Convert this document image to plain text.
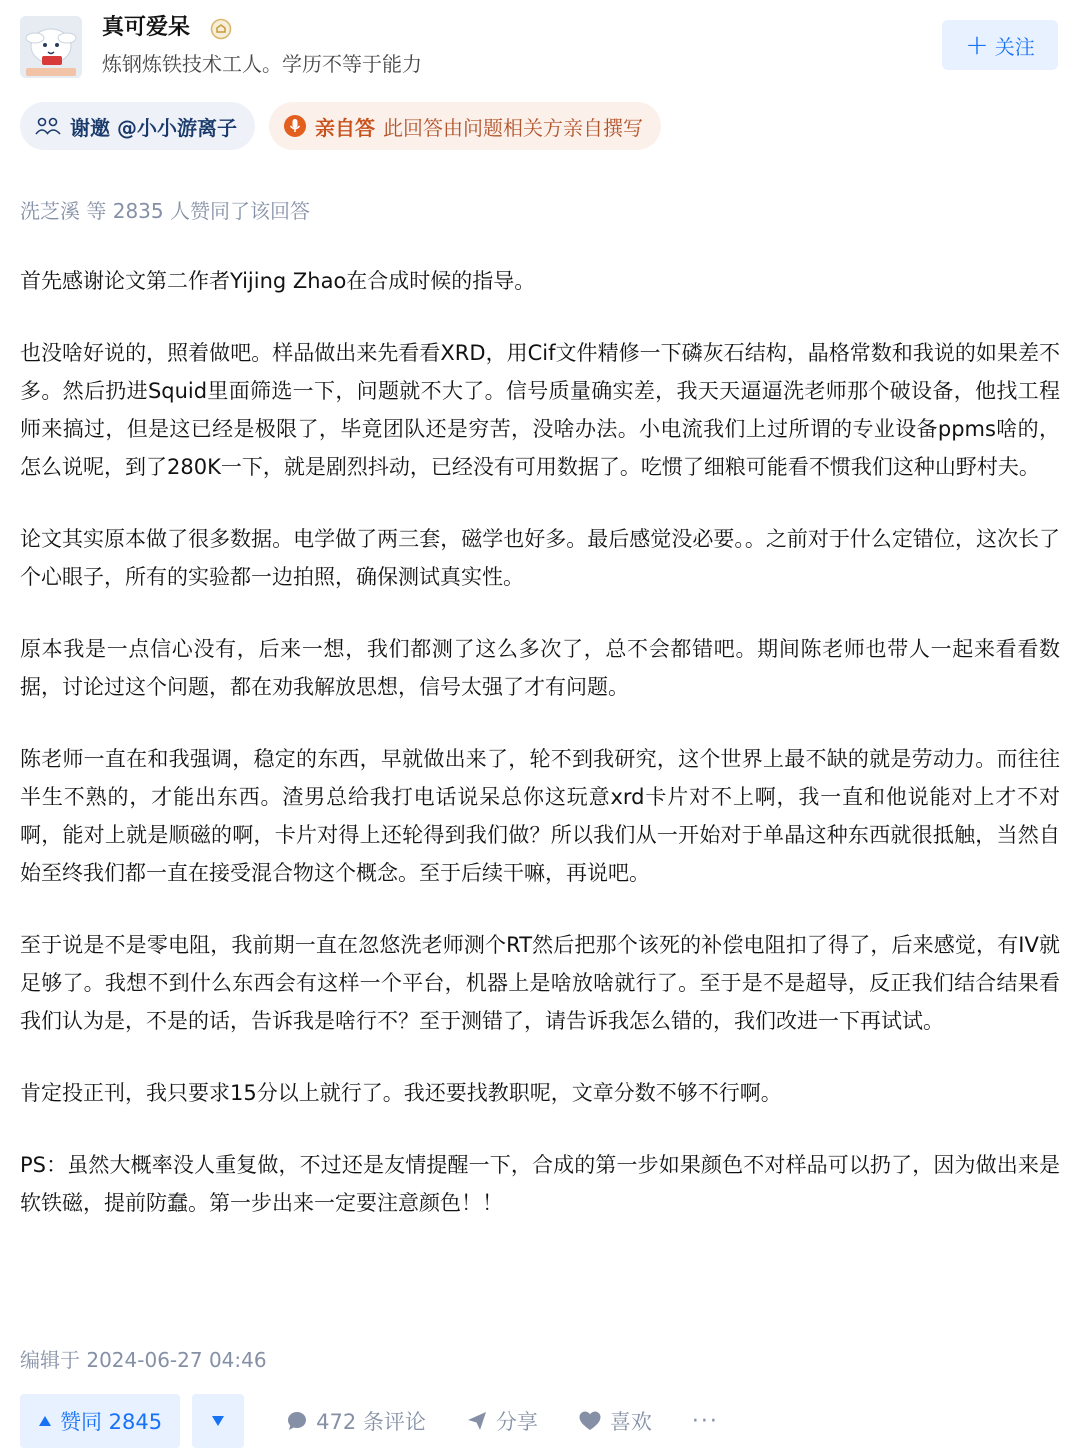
真可爱呆
炼钢炼铁技术工人。学历不等于能力
+ 关注
谢邀 @小小游离子	亲自答 此回答由问题相关方亲自撰写
洗芝溪 等 2835 人赞同了该回答

首先感谢论文第二作者Yijing Zhao在合成时候的指导。

也没啥好说的，照着做吧。样品做出来先看看XRD，用Cif文件精修一下磷灰石结构，晶格常数和我说的如果差不多。然后扔进Squid里面筛选一下，问题就不大了。信号质量确实差，我天天逼逼洗老师那个破设备，他找工程师来搞过，但是这已经是极限了，毕竟团队还是穷苦，没啥办法。小电流我们上过所谓的专业设备ppms啥的，怎么说呢，到了280K一下，就是剧烈抖动，已经没有可用数据了。吃惯了细粮可能看不惯我们这种山野村夫。

论文其实原本做了很多数据。电学做了两三套，磁学也好多。最后感觉没必要。。之前对于什么定错位，这次长了个心眼子，所有的实验都一边拍照，确保测试真实性。

原本我是一点信心没有，后来一想，我们都测了这么多次了，总不会都错吧。期间陈老师也带人一起来看看数据，讨论过这个问题，都在劝我解放思想，信号太强了才有问题。

陈老师一直在和我强调，稳定的东西，早就做出来了，轮不到我研究，这个世界上最不缺的就是劳动力。而往往半生不熟的，才能出东西。渣男总给我打电话说呆总你这玩意xrd卡片对不上啊，我一直和他说能对上才不对啊，能对上就是顺磁的啊，卡片对得上还轮得到我们做？所以我们从一开始对于单晶这种东西就很抵触，当然自始至终我们都一直在接受混合物这个概念。至于后续干嘛，再说吧。

至于说是不是零电阻，我前期一直在忽悠洗老师测个RT然后把那个该死的补偿电阻扣了得了，后来感觉，有IV就足够了。我想不到什么东西会有这样一个平台，机器上是啥放啥就行了。至于是不是超导，反正我们结合结果看我们认为是，不是的话，告诉我是啥行不？至于测错了，请告诉我怎么错的，我们改进一下再试试。

肯定投正刊，我只要求15分以上就行了。我还要找教职呢，文章分数不够不行啊。

PS：虽然大概率没人重复做，不过还是友情提醒一下，合成的第一步如果颜色不对样品可以扔了，因为做出来是软铁磁，提前防蠢。第一步出来一定要注意颜色！！

编辑于 2024-06-27 04:46
赞同 2845	472 条评论	分享	喜欢 ···
